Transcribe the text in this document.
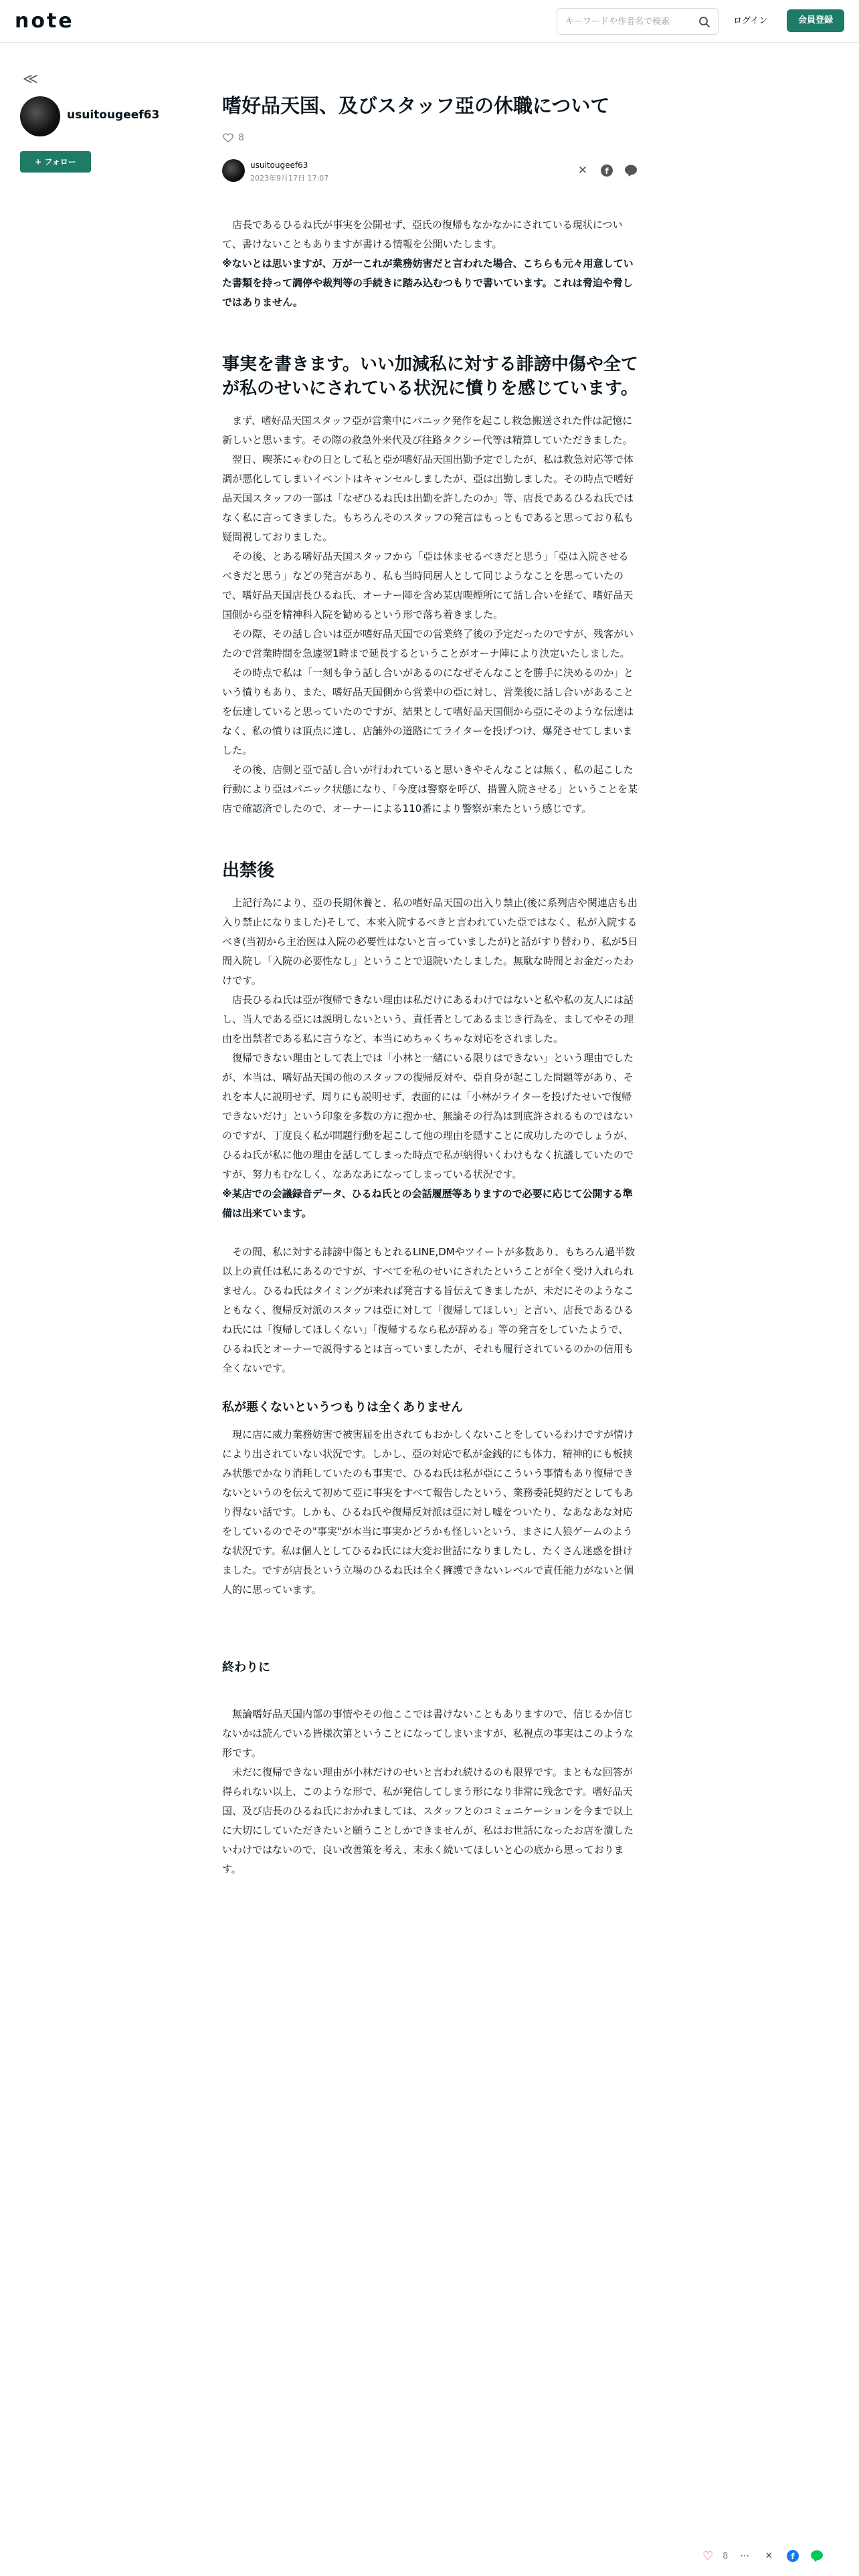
note
キーワードや作者名で検索	ログイン	会員登録
≪
usuitougeef63
+ フォロー
嗜好品天国、及びスタッフ亞の休職について
8
usuitougeef63
2023年9月17日 17:07
✕	f

店長であるひるね氏が事実を公開せず、亞氏の復帰もなかなかにされている現状について、書けないこともありますが書ける情報を公開いたします。

※ないとは思いますが、万が一これが業務妨害だと言われた場合、こちらも元々用意していた書類を持って調停や裁判等の手続きに踏み込むつもりで書いています。これは脅迫や脅しではありません。

事実を書きます。いい加減私に対する誹謗中傷や全てが私のせいにされている状況に憤りを感じています。

まず、嗜好品天国スタッフ亞が営業中にパニック発作を起こし救急搬送された件は記憶に新しいと思います。その際の救急外来代及び往路タクシー代等は精算していただきました。

翌日、喫茶にゃむの日として私と亞が嗜好品天国出勤予定でしたが、私は救急対応等で体調が悪化してしまいイベントはキャンセルしましたが、亞は出勤しました。その時点で嗜好品天国スタッフの一部は「なぜひるね氏は出勤を許したのか」等、店長であるひるね氏ではなく私に言ってきました。もちろんそのスタッフの発言はもっともであると思っており私も疑問視しておりました。

その後、とある嗜好品天国スタッフから「亞は休ませるべきだと思う」「亞は入院させるべきだと思う」などの発言があり、私も当時同居人として同じようなことを思っていたので、嗜好品天国店長ひるね氏、オーナー陣を含め某店喫煙所にて話し合いを経て、嗜好品天国側から亞を精神科入院を勧めるという形で落ち着きました。

その際、その話し合いは亞が嗜好品天国での営業終了後の予定だったのですが、残客がいたので営業時間を急遽翌1時まで延長するということがオーナ陣により決定いたしました。

その時点で私は「一刻も争う話し合いがあるのになぜそんなことを勝手に決めるのか」という憤りもあり、また、嗜好品天国側から営業中の亞に対し、営業後に話し合いがあることを伝達していると思っていたのですが、結果として嗜好品天国側から亞にそのような伝達はなく、私の憤りは頂点に達し、店舗外の道路にてライターを投げつけ、爆発させてしまいました。

その後、店側と亞で話し合いが行われていると思いきやそんなことは無く、私の起こした行動により亞はパニック状態になり、「今度は警察を呼び、措置入院させる」ということを某店で確認済でしたので、オーナーによる110番により警察が来たという感じです。

出禁後

上記行為により、亞の長期休養と、私の嗜好品天国の出入り禁止(後に系列店や関連店も出入り禁止になりました)そして、本来入院するべきと言われていた亞ではなく、私が入院するべき(当初から主治医は入院の必要性はないと言っていましたが)と話がすり替わり、私が5日間入院し「入院の必要性なし」ということで退院いたしました。無駄な時間とお金だったわけです。

店長ひるね氏は亞が復帰できない理由は私だけにあるわけではないと私や私の友人には話し、当人である亞には説明しないという、責任者としてあるまじき行為を、ましてやその理由を出禁者である私に言うなど、本当にめちゃくちゃな対応をされました。

復帰できない理由として表上では「小林と一緒にいる限りはできない」という理由でしたが、本当は、嗜好品天国の他のスタッフの復帰反対や、亞自身が起こした問題等があり、それを本人に説明せず、周りにも説明せず、表面的には「小林がライターを投げたせいで復帰できないだけ」という印象を多数の方に抱かせ、無論その行為は到底許されるものではないのですが、丁度良く私が問題行動を起こして他の理由を隠すことに成功したのでしょうが、ひるね氏が私に他の理由を話してしまった時点で私が納得いくわけもなく抗議していたのですが、努力もむなしく、なあなあになってしまっている状況です。

※某店での会議録音データ、ひるね氏との会話履歴等ありますので必要に応じて公開する準備は出来ています。

その間、私に対する誹謗中傷ともとれるLINE,DMやツイートが多数あり、もちろん過半数以上の責任は私にあるのですが、すべてを私のせいにされたということが全く受け入れられません。ひるね氏はタイミングが来れば発言する旨伝えてきましたが、未だにそのようなこともなく、復帰反対派のスタッフは亞に対して「復帰してほしい」と言い、店長であるひるね氏には「復帰してほしくない」「復帰するなら私が辞める」等の発言をしていたようで、ひるね氏とオーナーで説得するとは言っていましたが、それも履行されているのかの信用も全くないです。

私が悪くないというつもりは全くありません

現に店に威力業務妨害で被害届を出されてもおかしくないことをしているわけですが情けにより出されていない状況です。しかし、亞の対応で私が金銭的にも体力、精神的にも板挟み状態でかなり消耗していたのも事実で、ひるね氏は私が亞にこういう事情もあり復帰できないというのを伝えて初めて亞に事実をすべて報告したという、業務委託契約だとしてもあり得ない話です。しかも、ひるね氏や復帰反対派は亞に対し嘘をついたり、なあなあな対応をしているのでその"事実"が本当に事実かどうかも怪しいという、まさに人狼ゲームのような状況です。私は個人としてひるね氏には大変お世話になりましたし、たくさん迷惑を掛けました。ですが店長という立場のひるね氏は全く擁護できないレベルで責任能力がないと個人的に思っています。

終わりに

無論嗜好品天国内部の事情やその他ここでは書けないこともありますので、信じるか信じないかは読んでいる皆様次第ということになってしまいますが、私視点の事実はこのような形です。

未だに復帰できない理由が小林だけのせいと言われ続けるのも限界です。まともな回答が得られない以上、このような形で、私が発信してしまう形になり非常に残念です。嗜好品天国、及び店長のひるね氏におかれましては、スタッフとのコミュニケーションを今まで以上に大切にしていただきたいと願うことしかできませんが、私はお世話になったお店を潰したいわけではないので、良い改善策を考え、末永く続いてほしいと心の底から思っております。

♡ 8 ⋯	✕	f
